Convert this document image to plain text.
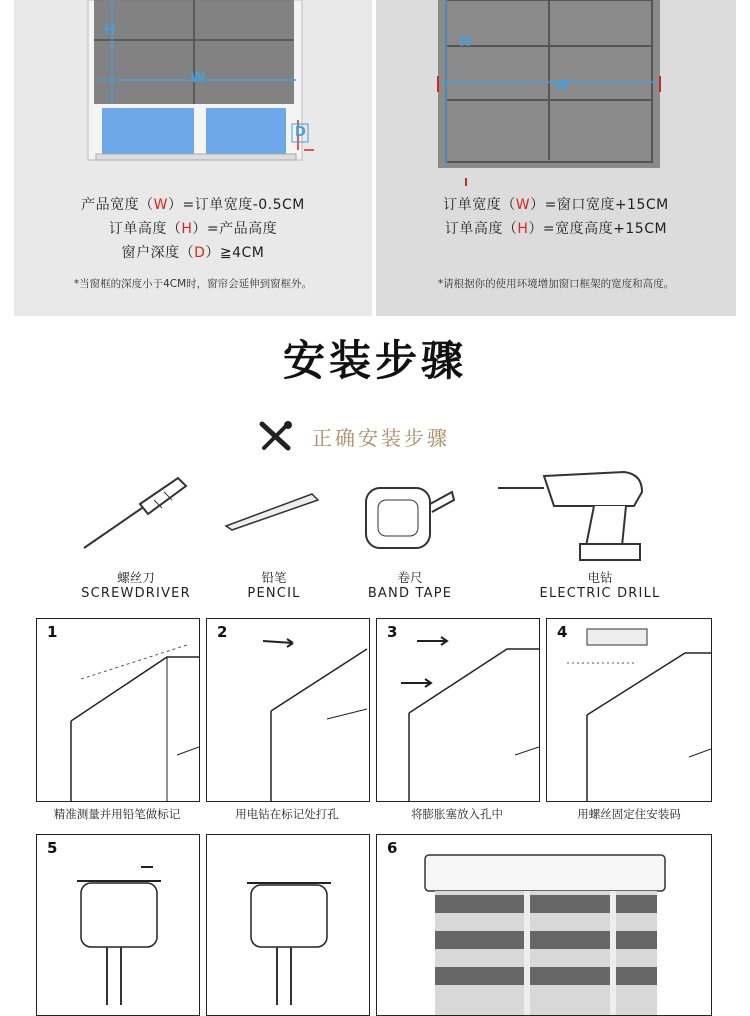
H
W
D
产品宽度（W）=订单宽度-0.5CM
订单高度（H）=产品高度
窗户深度（D）≧4CM
*当窗框的深度小于4CM时，窗帘会延伸到窗框外。
H
W
订单宽度（W）=窗口宽度+15CM
订单高度（H）=宽度高度+15CM
*请根据你的使用环境增加窗口框架的宽度和高度。
安装步骤
正确安装步骤
螺丝刀
SCREWDRIVER
铅笔
PENCIL
卷尺
BAND TAPE
电钻
ELECTRIC DRILL
1	2	3	4
精准测量并用铅笔做标记	用电钻在标记处打孔	将膨胀塞放入孔中	用螺丝固定住安装码
5	6
